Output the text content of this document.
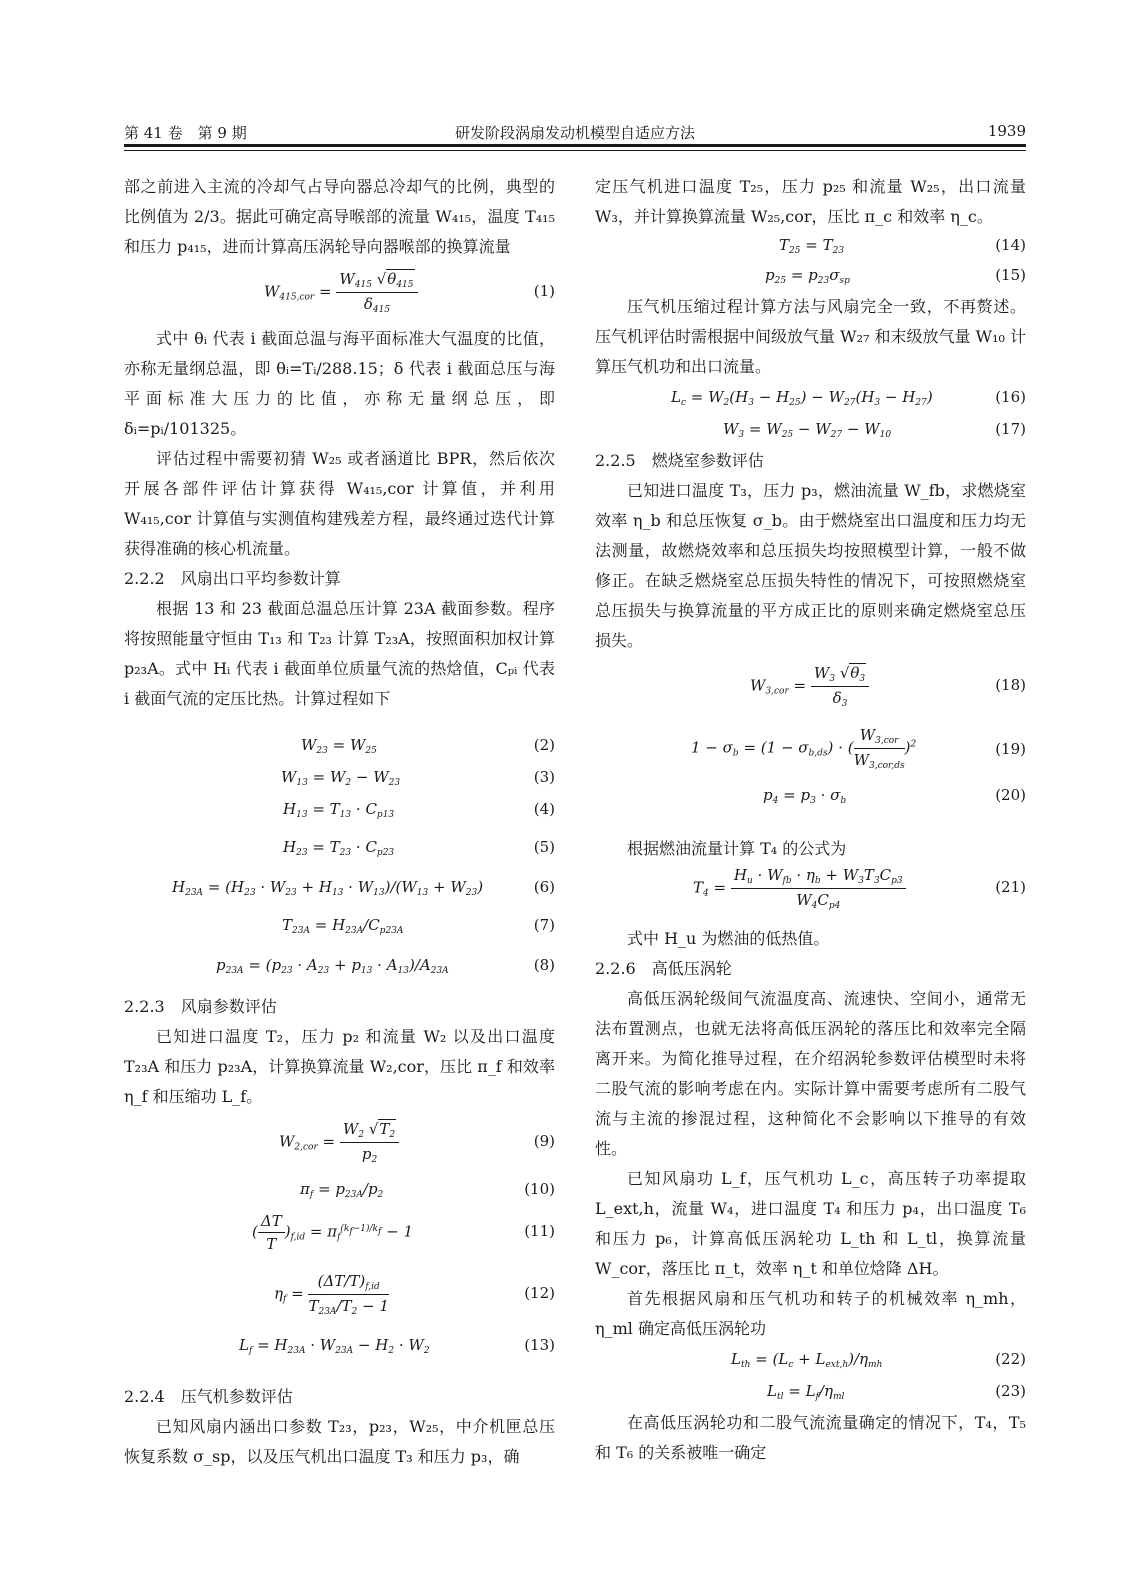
第 41 卷　第 9 期	研发阶段涡扇发动机模型自适应方法	1939

部之前进入主流的冷却气占导向器总冷却气的比例，典型的比例值为 2/3。据此可确定高导喉部的流量 W₄₁₅，温度 T₄₁₅ 和压力 p₄₁₅，进而计算高压涡轮导向器喉部的换算流量

$W_{415,cor} = \frac{W_{415} √\theta_{415}}{\delta_{415}}$	(1)

式中 θᵢ 代表 i 截面总温与海平面标准大气温度的比值，亦称无量纲总温，即 θᵢ=Tᵢ/288.15；δ 代表 i 截面总压与海平面标准大压力的比值，亦称无量纲总压，即 δᵢ=pᵢ/101325。

评估过程中需要初猜 W₂₅ 或者涵道比 BPR，然后依次开展各部件评估计算获得 W₄₁₅,cor 计算值，并利用 W₄₁₅,cor 计算值与实测值构建残差方程，最终通过迭代计算获得准确的核心机流量。

2.2.2　风扇出口平均参数计算

根据 13 和 23 截面总温总压计算 23A 截面参数。程序将按照能量守恒由 T₁₃ 和 T₂₃ 计算 T₂₃A，按照面积加权计算 p₂₃A。式中 Hᵢ 代表 i 截面单位质量气流的热焓值，Cₚᵢ 代表 i 截面气流的定压比热。计算过程如下

$W_{23} = W_{25}$	(2)
$W_{13} = W_2 - W_{23}$	(3)
$H_{13} = T_{13} \cdot C_{p13}$	(4)
$H_{23} = T_{23} \cdot C_{p23}$	(5)
$H_{23A} = (H_{23} \cdot W_{23} + H_{13} \cdot W_{13})/(W_{13} + W_{23})$	(6)
$T_{23A} = H_{23A}/C_{p23A}$	(7)
$p_{23A} = (p_{23} \cdot A_{23} + p_{13} \cdot A_{13})/A_{23A}$	(8)

2.2.3　风扇参数评估

已知进口温度 T₂，压力 p₂ 和流量 W₂ 以及出口温度 T₂₃A 和压力 p₂₃A，计算换算流量 W₂,cor，压比 π_f 和效率 η_f 和压缩功 L_f。

$W_{2,cor} = \frac{W_2 √T_2}{p_2}$	(9)
$\pi_f = p_{23A}/p_2$	(10)
( $\frac{\Delta T}{T} )_{f,id} = \pi_f^{(k_f-1)/k_f} - 1$	(11)
$\eta_f = \frac{(\Delta T/T)_{f,id}}{T_{23A}/T_2 - 1}$	(12)
$L_f = H_{23A} \cdot W_{23A} - H_2 \cdot W_2$	(13)

2.2.4　压气机参数评估

已知风扇内涵出口参数 T₂₃，p₂₃，W₂₅，中介机匣总压恢复系数 σ_sp，以及压气机出口温度 T₃ 和压力 p₃，确

定压气机进口温度 T₂₅，压力 p₂₅ 和流量 W₂₅，出口流量 W₃，并计算换算流量 W₂₅,cor，压比 π_c 和效率 η_c。

$T_{25} = T_{23}$	(14)
$p_{25} = p_{23}\sigma_{sp}$	(15)

压气机压缩过程计算方法与风扇完全一致，不再赘述。压气机评估时需根据中间级放气量 W₂₇ 和末级放气量 W₁₀ 计算压气机功和出口流量。

$L_c = W_2(H_3 - H_{25}) - W_{27}(H_3 - H_{27})$	(16)
$W_3 = W_{25} - W_{27} - W_{10}$	(17)

2.2.5　燃烧室参数评估

已知进口温度 T₃，压力 p₃，燃油流量 W_fb，求燃烧室效率 η_b 和总压恢复 σ_b。由于燃烧室出口温度和压力均无法测量，故燃烧效率和总压损失均按照模型计算，一般不做修正。在缺乏燃烧室总压损失特性的情况下，可按照燃烧室总压损失与换算流量的平方成正比的原则来确定燃烧室总压损失。

$W_{3,cor} = \frac{W_3 √\theta_3}{\delta_3}$	(18)
$1 - \sigma_b = (1 - \sigma_{b,ds})$ · ( $\frac{W_{3,cor}}{W_{3,cor,ds}} )^2$	(19)
$p_4 = p_3 \cdot \sigma_b$	(20)

根据燃油流量计算 T₄ 的公式为

$T_4 = \frac{H_u \cdot W_{fb} \cdot \eta_b + W_3T_3C_{p3}}{W_4C_{p4}}$	(21)

式中 H_u 为燃油的低热值。

2.2.6　高低压涡轮

高低压涡轮级间气流温度高、流速快、空间小，通常无法布置测点，也就无法将高低压涡轮的落压比和效率完全隔离开来。为简化推导过程，在介绍涡轮参数评估模型时未将二股气流的影响考虑在内。实际计算中需要考虑所有二股气流与主流的掺混过程，这种简化不会影响以下推导的有效性。

已知风扇功 L_f，压气机功 L_c，高压转子功率提取 L_ext,h，流量 W₄，进口温度 T₄ 和压力 p₄，出口温度 T₆ 和压力 p₆，计算高低压涡轮功 L_th 和 L_tl，换算流量 W_cor，落压比 π_t，效率 η_t 和单位焓降 ΔH。

首先根据风扇和压气机功和转子的机械效率 η_mh，η_ml 确定高低压涡轮功

$L_{th} = (L_c + L_{ext,h})/\eta_{mh}$	(22)
$L_{tl} = L_f/\eta_{ml}$	(23)

在高低压涡轮功和二股气流流量确定的情况下，T₄，T₅ 和 T₆ 的关系被唯一确定
